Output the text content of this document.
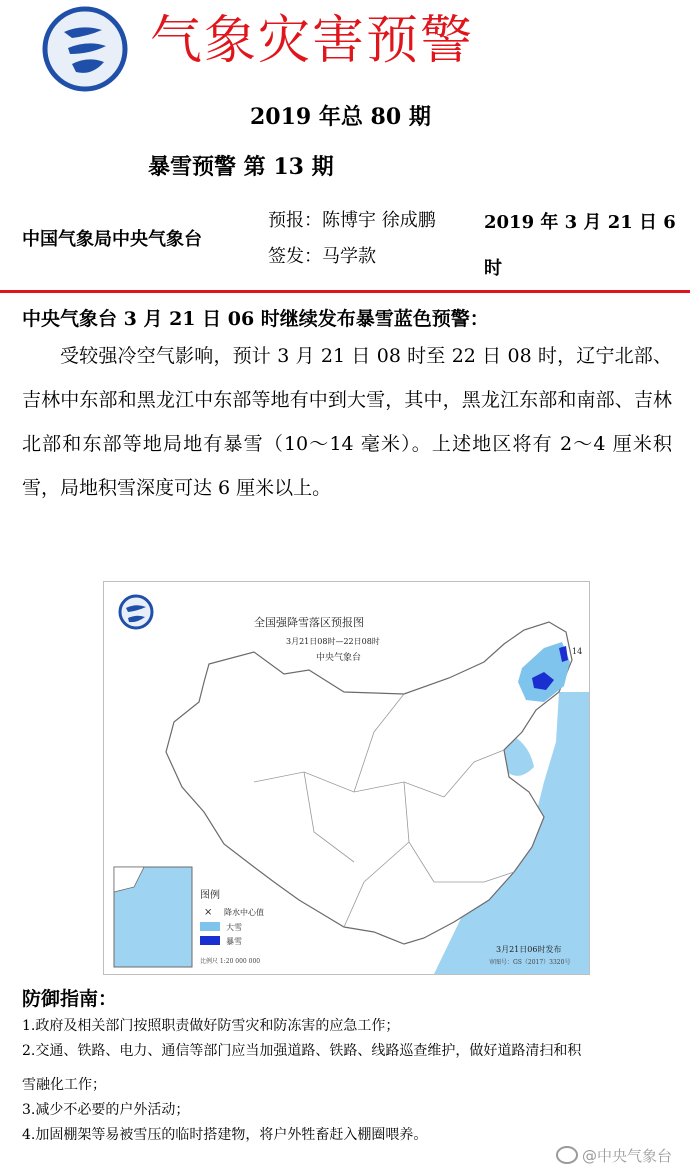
气象灾害预警
2019 年总 80 期
暴雪预警 第 13 期
中国气象局中央气象台
预报：陈博宇 徐成鹏
签发：马学款
2019 年 3 月 21 日 6 时
中央气象台 3 月 21 日 06 时继续发布暴雪蓝色预警：
受较强冷空气影响，预计 3 月 21 日 08 时至 22 日 08 时，辽宁北部、吉林中东部和黑龙江中东部等地有中到大雪，其中，黑龙江东部和南部、吉林北部和东部等地局地有暴雪（10～14 毫米）。上述地区将有 2～4 厘米积雪，局地积雪深度可达 6 厘米以上。
全国强降雪落区预报图
3月21日08时—22日08时
中央气象台
14
图例
× 降水中心值
大雪
暴雪
比例尺 1:20 000 000
3月21日06时发布
审图号：GS（2017）3320号
防御指南：
1.政府及相关部门按照职责做好防雪灾和防冻害的应急工作；
2.交通、铁路、电力、通信等部门应当加强道路、铁路、线路巡查维护，做好道路清扫和积
雪融化工作；
3.减少不必要的户外活动；
4.加固棚架等易被雪压的临时搭建物，将户外牲畜赶入棚圈喂养。
@中央气象台
